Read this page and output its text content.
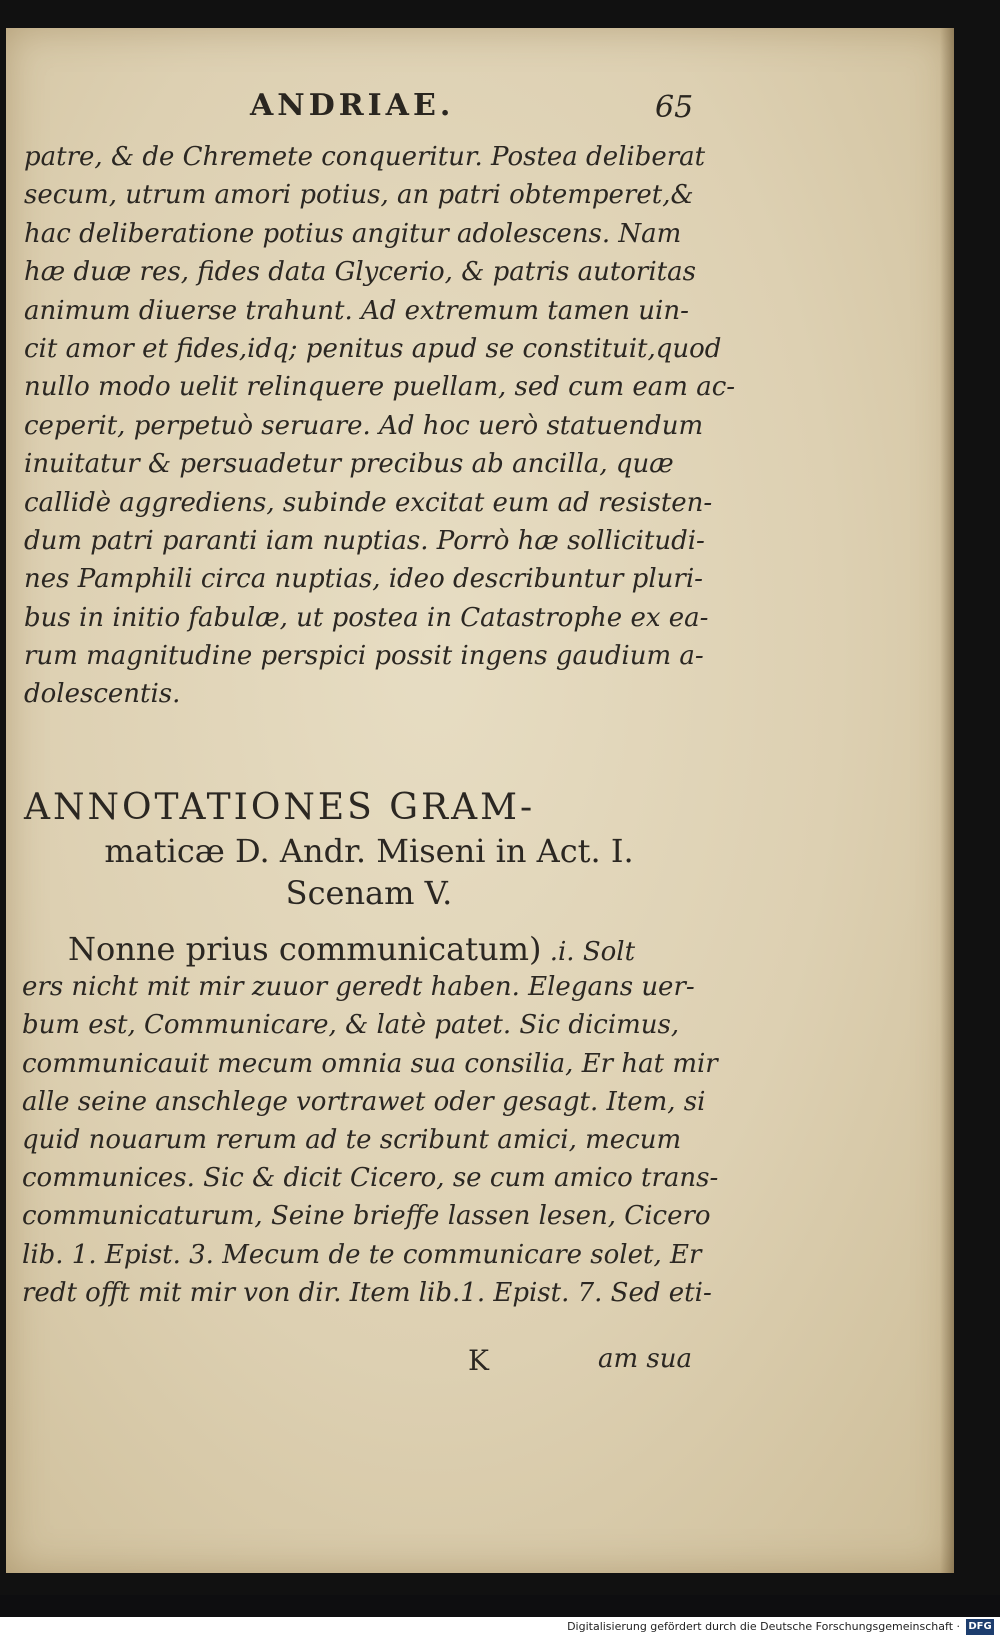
ANDRIAE.	65
patre, & de Chremete conqueritur. Postea deliberat
secum, utrum amori potius, an patri obtemperet,&
hac deliberatione potius angitur adolescens. Nam
hæ duæ res, fides data Glycerio, & patris autoritas
animum diuerse trahunt. Ad extremum tamen uin-
cit amor et fides,idq; penitus apud se constituit,quod
nullo modo uelit relinquere puellam, sed cum eam ac-
ceperit, perpetuò seruare. Ad hoc uerò statuendum
inuitatur & persuadetur precibus ab ancilla, quæ
callidè aggrediens, subinde excitat eum ad resisten-
dum patri paranti iam nuptias. Porrò hæ sollicitudi-
nes Pamphili circa nuptias, ideo describuntur pluri-
bus in initio fabulæ, ut postea in Catastrophe ex ea-
rum magnitudine perspici possit ingens gaudium a-
dolescentis.
ANNOTATIONES GRAM-
maticæ D. Andr. Miseni in Act. I.
Scenam V.
Nonne prius communicatum) .i. Solt
ers nicht mit mir zuuor geredt haben. Elegans uer-
bum est, Communicare, & latè patet. Sic dicimus,
communicauit mecum omnia sua consilia, Er hat mir
alle seine anschlege vortrawet oder gesagt. Item, si
quid nouarum rerum ad te scribunt amici, mecum
communices. Sic & dicit Cicero, se cum amico trans-
communicaturum, Seine brieffe lassen lesen, Cicero
lib. 1. Epist. 3. Mecum de te communicare solet, Er
redt offt mit mir von dir. Item lib.1. Epist. 7. Sed eti-
K	am sua
Digitalisierung gefördert durch die Deutsche Forschungsgemeinschaft · DFG
